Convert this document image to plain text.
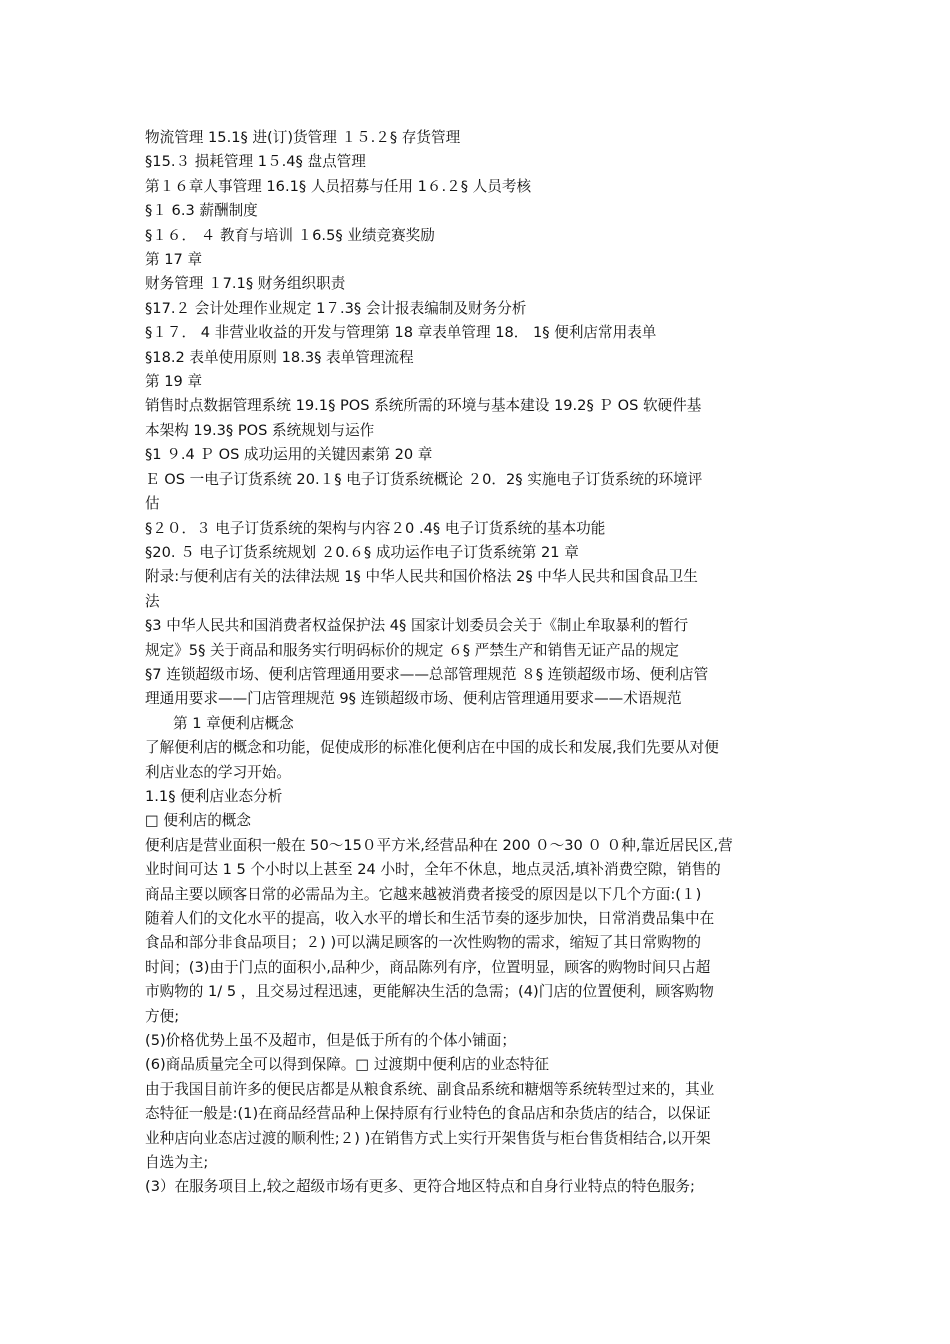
物流管理 15.1§ 进(订)货管理 １５.２§ 存货管理
§15.３ 损耗管理 1５.4§ 盘点管理
第１６章人事管理 16.1§ 人员招募与任用 1６.２§ 人员考核
§１ 6.3 薪酬制度
§１６． ４ 教育与培训 １6.5§ 业绩竞赛奖励
第 17 章
财务管理 １7.1§ 财务组织职责
§17.２ 会计处理作业规定 1７.3§ 会计报表编制及财务分析
§１７． 4 非营业收益的开发与管理第 18 章表单管理 18． 1§ 便利店常用表单
§18.2 表单使用原则 18.3§ 表单管理流程
第 19 章
销售时点数据管理系统 19.1§ POS 系统所需的环境与基本建设 19.2§ Ｐ OS 软硬件基
本架构 19.3§ POS 系统规划与运作
§1 ９.4 Ｐ OS 成功运用的关键因素第 20 章
Ｅ OS 一电子订货系统 20.１§ 电子订货系统概论 ２0．2§ 实施电子订货系统的环境评
估
§２０．３ 电子订货系统的架构与内容２0 .4§ 电子订货系统的基本功能
§20. ５ 电子订货系统规划 ２0.６§ 成功运作电子订货系统第 21 章
附录:与便利店有关的法律法规 1§ 中华人民共和国价格法 2§ 中华人民共和国食品卫生
法
§3 中华人民共和国消费者权益保护法 4§ 国家计划委员会关于《制止牟取暴利的暂行
规定》5§ 关于商品和服务实行明码标价的规定 ６§ 严禁生产和销售无证产品的规定
§7 连锁超级市场、便利店管理通用要求——总部管理规范 ８§ 连锁超级市场、便利店管
理通用要求——门店管理规范 9§ 连锁超级市场、便利店管理通用要求——术语规范
第 1 章便利店概念
了解便利店的概念和功能，促使成形的标准化便利店在中国的成长和发展,我们先要从对便
利店业态的学习开始。
1.1§ 便利店业态分析
□ 便利店的概念
便利店是营业面积一般在 50～15０平方米,经营品种在 200 ０～30 ０ ０种,靠近居民区,营
业时间可达 1 5 个小时以上甚至 24 小时，全年不休息，地点灵活,填补消费空隙，销售的
商品主要以顾客日常的必需品为主。它越来越被消费者接受的原因是以下几个方面:(１)
随着人们的文化水平的提高，收入水平的增长和生活节奏的逐步加快，日常消费品集中在
食品和部分非食品项目；２) )可以满足顾客的一次性购物的需求，缩短了其日常购物的
时间；(3)由于门点的面积小,品种少，商品陈列有序，位置明显，顾客的购物时间只占超
市购物的 1/ 5 ，且交易过程迅速，更能解决生活的急需；(4)门店的位置便利，顾客购物
方便;
(5)价格优势上虽不及超市，但是低于所有的个体小铺面；
(6)商品质量完全可以得到保障。□ 过渡期中便利店的业态特征
由于我国目前许多的便民店都是从粮食系统、副食品系统和糖烟等系统转型过来的，其业
态特征一般是:(1)在商品经营品种上保持原有行业特色的食品店和杂货店的结合，以保证
业种店向业态店过渡的顺利性;２) )在销售方式上实行开架售货与柜台售货相结合,以开架
自选为主;
(3）在服务项目上,较之超级市场有更多、更符合地区特点和自身行业特点的特色服务;
